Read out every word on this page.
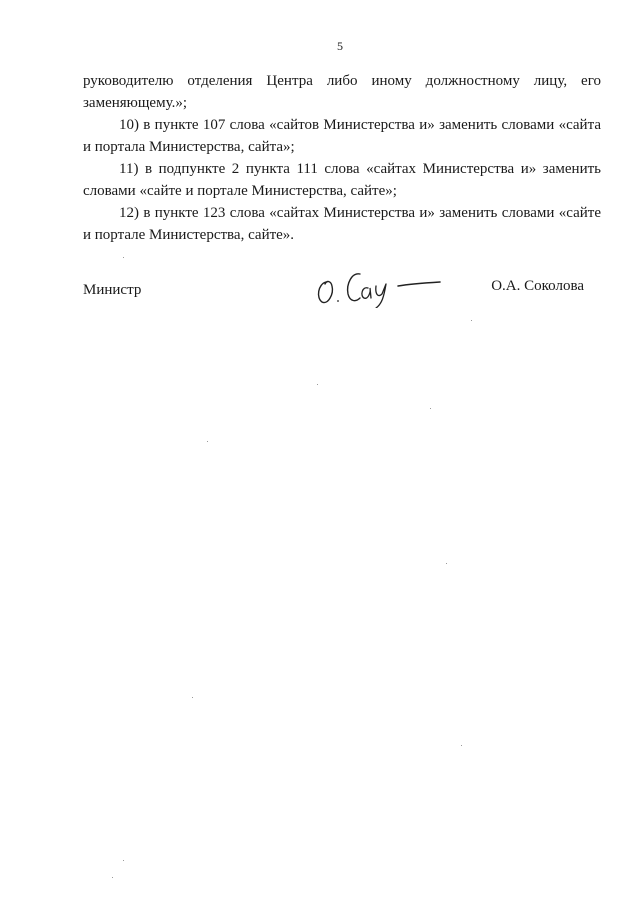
5

руководителю отделения Центра либо иному должностному лицу, его заменяющему.»;

10) в пункте 107 слова «сайтов Министерства и» заменить словами «сайта и портала Министерства, сайта»;

11) в подпункте 2 пункта 111 слова «сайтах Министерства и» заменить словами «сайте и портале Министерства, сайте»;

12) в пункте 123 слова «сайтах Министерства и» заменить словами «сайте и портале Министерства, сайте».

Министр	О.А. Соколова
